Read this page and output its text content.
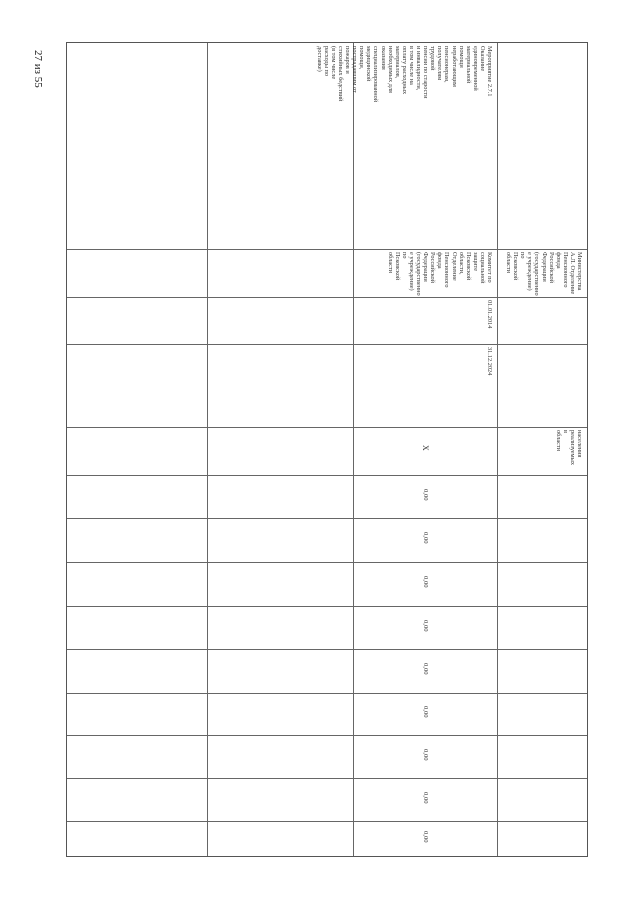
27 из 55
Министерства
А.Л. Отделение
Пенсионного
фонда
Российской
Федерации
(государственно
е учреждение) по
Псковской
области
населения
реализуемых в
области
Мероприятие 2.7.1 Оказание
единовременной материальной
помощи неработающим
пенсионерам, получателям трудовой
пенсии по старости и инвалидности,
в том числе на оплату расходных
материалов, необходимых для
оказания специализированной
медицинской помощи,
пострадавшим от пожаров и
стихийных бедствий (в том числе
расходы по доставке)
Комитет по
социальной
защите
Псковской
области,
Отделение
Пенсионного
фонда
Российской
Федерации
(государственно
е учреждение) по
Псковской
области
01.01.2014
31.12.2024
X
0,00
0,00
0,00
0,00
0,00
0,00
0,00
0,00
0,00
